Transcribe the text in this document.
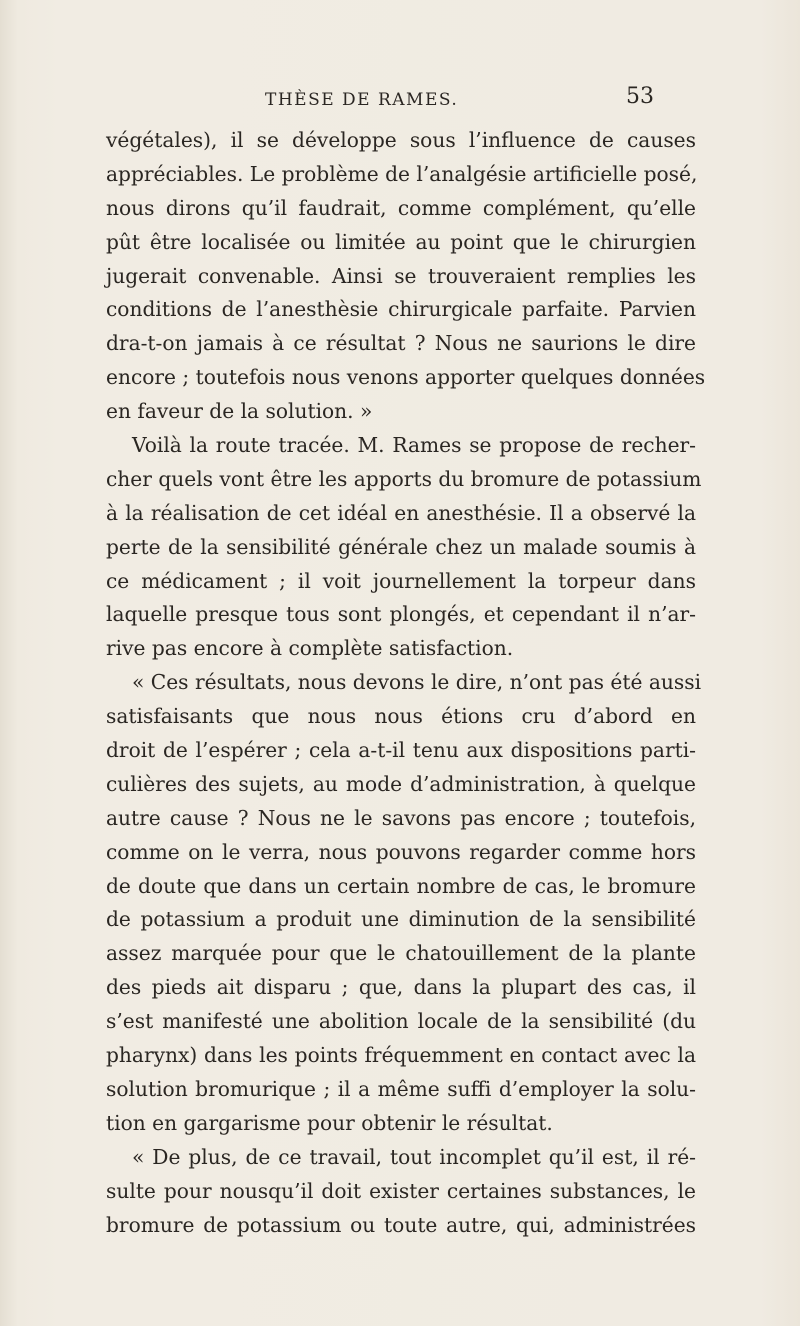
THÈSE DE RAMES.	53
végétales), il se développe sous l’influence de causes
appréciables. Le problème de l’analgésie artificielle posé,
nous dirons qu’il faudrait, comme complément, qu’elle
pût être localisée ou limitée au point que le chirurgien
jugerait convenable. Ainsi se trouveraient remplies les
conditions de l’anesthèsie chirurgicale parfaite. Parvien
dra-t-on jamais à ce résultat ? Nous ne saurions le dire
encore ; toutefois nous venons apporter quelques données
en faveur de la solution. »
Voilà la route tracée. M. Rames se propose de recher-
cher quels vont être les apports du bromure de potassium
à la réalisation de cet idéal en anesthésie. Il a observé la
perte de la sensibilité générale chez un malade soumis à
ce médicament ; il voit journellement la torpeur dans
laquelle presque tous sont plongés, et cependant il n’ar-
rive pas encore à complète satisfaction.
« Ces résultats, nous devons le dire, n’ont pas été aussi
satisfaisants que nous nous étions cru d’abord en
droit de l’espérer ; cela a-t-il tenu aux dispositions parti-
culières des sujets, au mode d’administration, à quelque
autre cause ? Nous ne le savons pas encore ; toutefois,
comme on le verra, nous pouvons regarder comme hors
de doute que dans un certain nombre de cas, le bromure
de potassium a produit une diminution de la sensibilité
assez marquée pour que le chatouillement de la plante
des pieds ait disparu ; que, dans la plupart des cas, il
s’est manifesté une abolition locale de la sensibilité (du
pharynx) dans les points fréquemment en contact avec la
solution bromurique ; il a même suffi d’employer la solu-
tion en gargarisme pour obtenir le résultat.
« De plus, de ce travail, tout incomplet qu’il est, il ré-
sulte pour nousqu’il doit exister certaines substances, le
bromure de potassium ou toute autre, qui, administrées
